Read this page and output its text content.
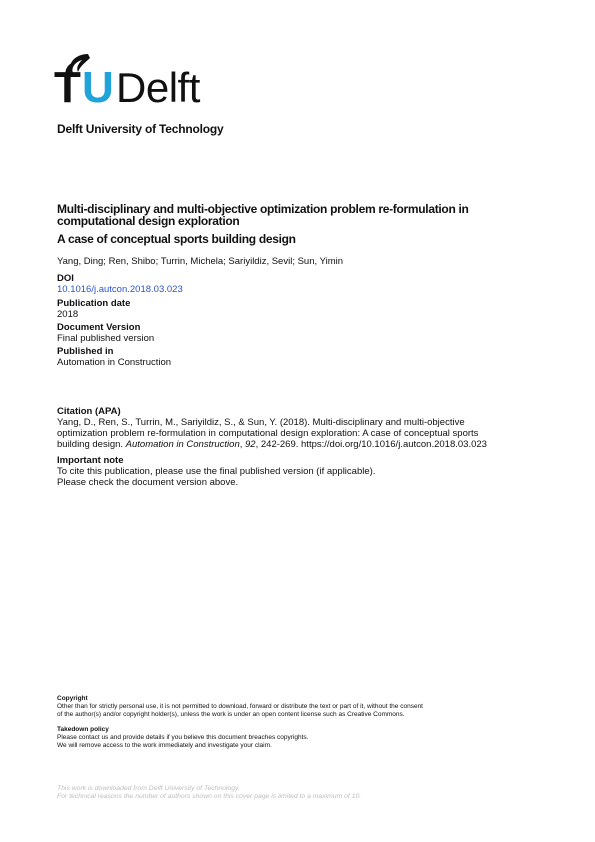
T U Delft
Delft University of Technology
Multi-disciplinary and multi-objective optimization problem re-formulation in computational design exploration
A case of conceptual sports building design
Yang, Ding; Ren, Shibo; Turrin, Michela; Sariyildiz, Sevil; Sun, Yimin
DOI
10.1016/j.autcon.2018.03.023
Publication date
2018
Document Version
Final published version
Published in
Automation in Construction
Citation (APA)
Yang, D., Ren, S., Turrin, M., Sariyildiz, S., & Sun, Y. (2018). Multi-disciplinary and multi-objective
optimization problem re-formulation in computational design exploration: A case of conceptual sports
building design. Automation in Construction, 92, 242-269. https://doi.org/10.1016/j.autcon.2018.03.023
Important note
To cite this publication, please use the final published version (if applicable).
Please check the document version above.
Copyright
Other than for strictly personal use, it is not permitted to download, forward or distribute the text or part of it, without the consent
of the author(s) and/or copyright holder(s), unless the work is under an open content license such as Creative Commons.
Takedown policy
Please contact us and provide details if you believe this document breaches copyrights.
We will remove access to the work immediately and investigate your claim.
This work is downloaded from Delft University of Technology.
For technical reasons the number of authors shown on this cover page is limited to a maximum of 10.
